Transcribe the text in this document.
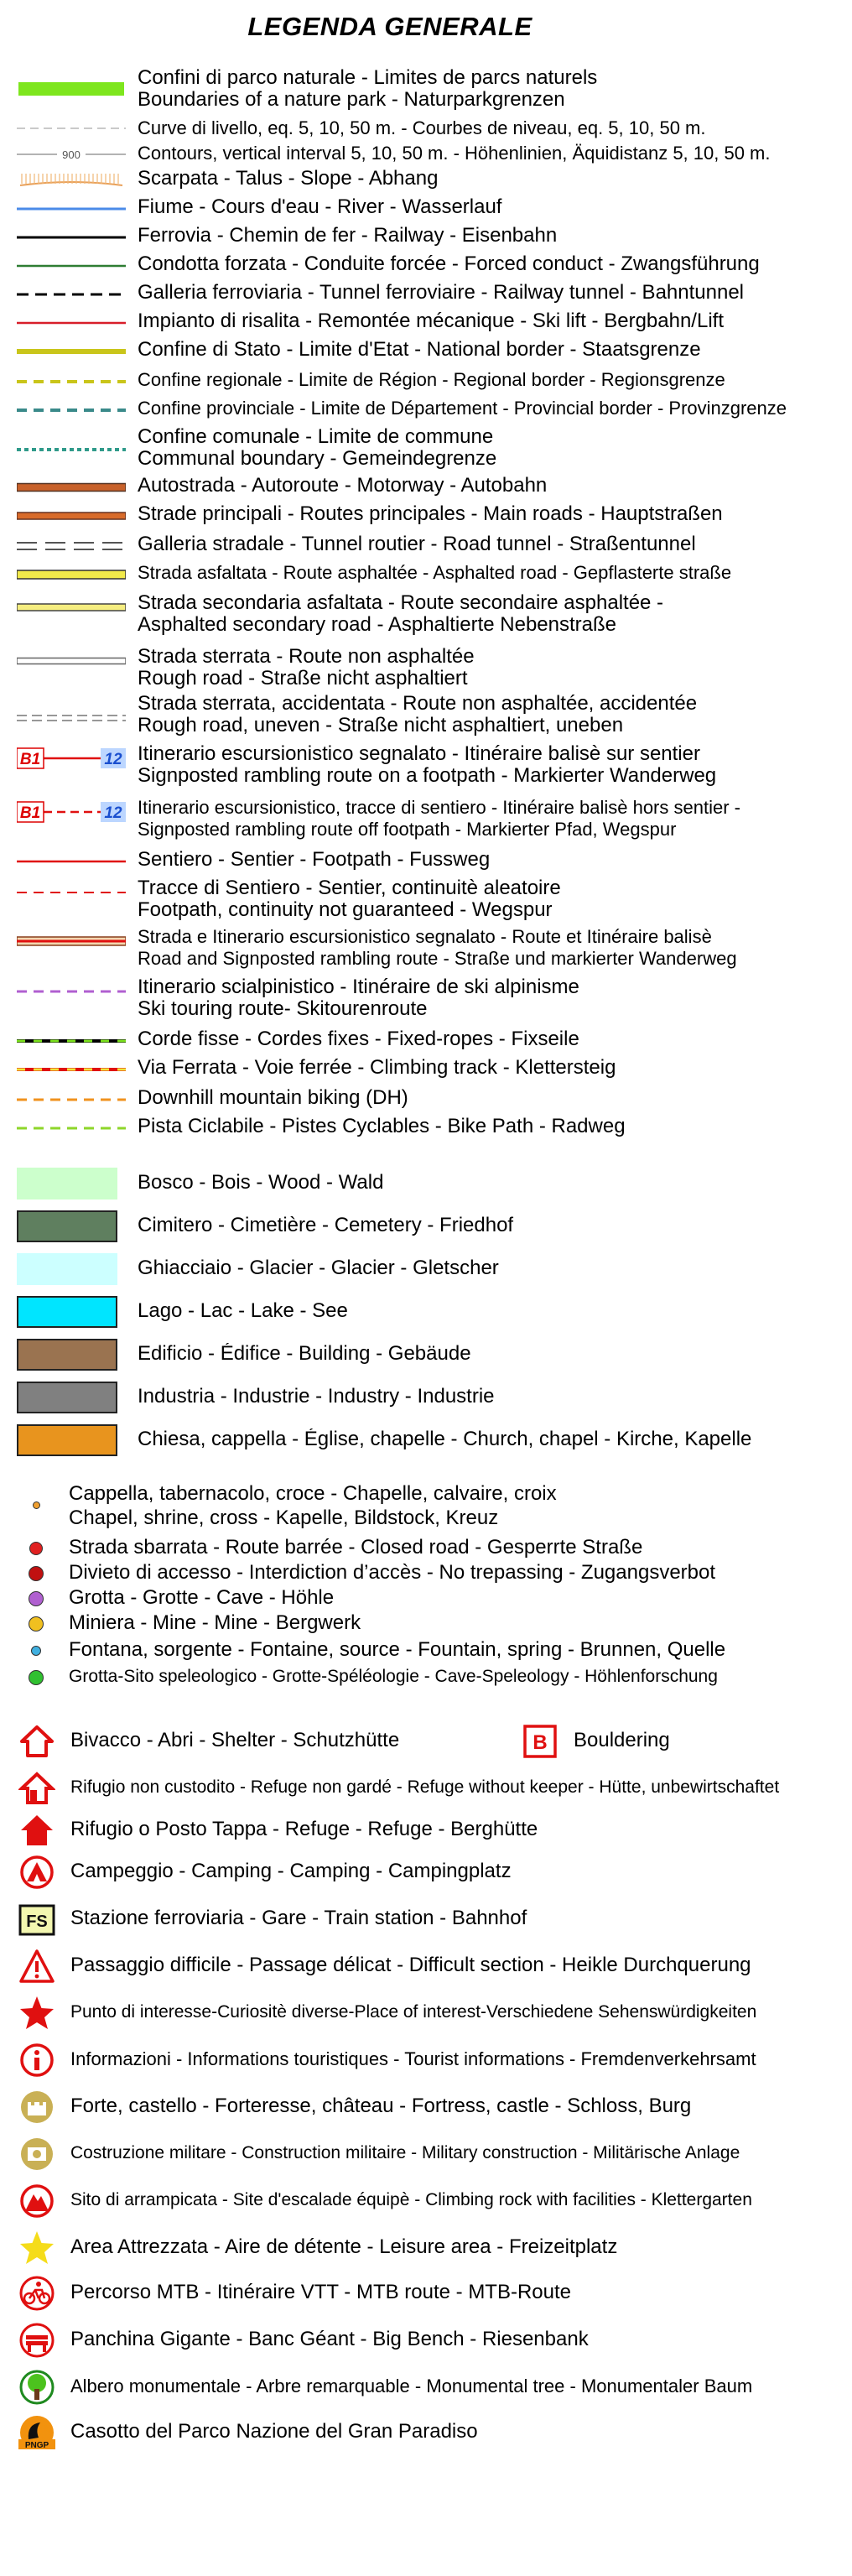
LEGENDA GENERALE
Confini di parco naturale - Limites de parcs naturels
Boundaries of a nature park - Naturparkgrenzen
Curve di livello, eq. 5, 10, 50 m. - Courbes de niveau, eq. 5, 10, 50 m.
900	Contours, vertical interval 5, 10, 50 m. - Höhenlinien, Äquidistanz 5, 10, 50 m.
Scarpata - Talus - Slope - Abhang
Fiume - Cours d'eau - River - Wasserlauf
Ferrovia - Chemin de fer - Railway - Eisenbahn
Condotta forzata - Conduite forcée - Forced conduct - Zwangsführung
Galleria ferroviaria - Tunnel ferroviaire - Railway tunnel - Bahntunnel
Impianto di risalita - Remontée mécanique - Ski lift - Bergbahn/Lift
Confine di Stato - Limite d'Etat - National border - Staatsgrenze
Confine regionale - Limite de Région - Regional border - Regionsgrenze
Confine provinciale - Limite de Département - Provincial border - Provinzgrenze
Confine comunale - Limite de commune
Communal boundary - Gemeindegrenze
Autostrada - Autoroute - Motorway - Autobahn
Strade principali - Routes principales - Main roads - Hauptstraßen
Galleria stradale - Tunnel routier - Road tunnel - Straßentunnel
Strada asfaltata - Route asphaltée - Asphalted road - Gepflasterte straße
Strada secondaria asfaltata - Route secondaire asphaltée -
Asphalted secondary road - Asphaltierte Nebenstraße
Strada sterrata - Route non asphaltée
Rough road - Straße nicht asphaltiert
Strada sterrata, accidentata - Route non asphaltée, accidentée
Rough road, uneven - Straße nicht asphaltiert, uneben
B1	12 Itinerario escursionistico segnalato - Itinéraire balisè sur sentier
Signposted rambling route on a footpath - Markierter Wanderweg
B1	12 Itinerario escursionistico, tracce di sentiero - Itinéraire balisè hors sentier -
Signposted rambling route off footpath - Markierter Pfad, Wegspur
Sentiero - Sentier - Footpath - Fussweg
Tracce di Sentiero - Sentier, continuitè aleatoire
Footpath, continuity not guaranteed - Wegspur
Strada e Itinerario escursionistico segnalato - Route et Itinéraire balisè
Road and Signposted rambling route - Straße und markierter Wanderweg
Itinerario scialpinistico - Itinéraire de ski alpinisme
Ski touring route- Skitourenroute
Corde fisse - Cordes fixes - Fixed-ropes - Fixseile
Via Ferrata - Voie ferrée - Climbing track - Klettersteig
Downhill mountain biking (DH)
Pista Ciclabile - Pistes Cyclables - Bike Path - Radweg
Bosco - Bois - Wood - Wald
Cimitero - Cimetière - Cemetery - Friedhof
Ghiacciaio - Glacier - Glacier - Gletscher
Lago - Lac - Lake - See
Edificio - Édifice - Building - Gebäude
Industria - Industrie - Industry - Industrie
Chiesa, cappella - Église, chapelle - Church, chapel - Kirche, Kapelle
Cappella, tabernacolo, croce - Chapelle, calvaire, croix
Chapel, shrine, cross - Kapelle, Bildstock, Kreuz
Strada sbarrata - Route barrée - Closed road - Gesperrte Straße
Divieto di accesso - Interdiction d’accès - No trepassing - Zugangsverbot
Grotta - Grotte - Cave - Höhle
Miniera - Mine - Mine - Bergwerk
Fontana, sorgente - Fontaine, source - Fountain, spring - Brunnen, Quelle
Grotta-Sito speleologico - Grotte-Spéléologie - Cave-Speleology - Höhlenforschung
Bivacco - Abri - Shelter - Schutzhütte	B Bouldering
Rifugio non custodito - Refuge non gardé - Refuge without keeper - Hütte, unbewirtschaftet
Rifugio o Posto Tappa - Refuge - Refuge - Berghütte
Campeggio - Camping - Camping - Campingplatz
FS Stazione ferroviaria - Gare - Train station - Bahnhof
Passaggio difficile - Passage délicat - Difficult section - Heikle Durchquerung
Punto di interesse-Curiositè diverse-Place of interest-Verschiedene Sehenswürdigkeiten
Informazioni - Informations touristiques - Tourist informations - Fremdenverkehrsamt
Forte, castello - Forteresse, château - Fortress, castle - Schloss, Burg
Costruzione militare - Construction militaire - Military construction - Militärische Anlage
Sito di arrampicata - Site d'escalade équipè - Climbing rock with facilities - Klettergarten
Area Attrezzata - Aire de détente - Leisure area - Freizeitplatz
Percorso MTB - Itinéraire VTT - MTB route - MTB-Route
Panchina Gigante - Banc Géant - Big Bench - Riesenbank
Albero monumentale - Arbre remarquable - Monumental tree - Monumentaler Baum
PNGP
Casotto del Parco Nazione del Gran Paradiso
